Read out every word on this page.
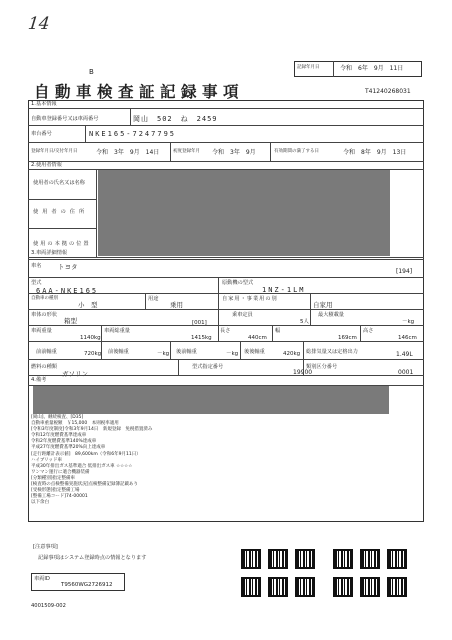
14
B
自動車検査証記録事項
記録年月日	令和　6年　9月　11日
T41240268031
1.基本情報
自動車登録番号又は車両番号	岡山　502　ね　2459
車台番号	NKE165-7247795
登録年月日/交付年月日	令和　3年　9月　14日	初度登録年月 令和　3年　9月	有効期間の満了する日	令和　8年　9月　13日
2.使用者情報
使用者の氏名又は名称
使用者の住所
使用の本拠の位置
3.車両詳細情報
車名	トヨタ
[194]
型式
6AA-NKE165
原動機の型式
1NZ-1LM
自動車の種別
小　型
用途
乗用
自家用・事業用の別
自家用
車体の形状
箱型	[001]
乗車定員
5人
最大積載量
－kg
車両重量
1140kg
車両総重量
1415kg
長さ
440cm
幅
169cm
高さ
146cm
前前軸重	720kg 前後軸重	－kg 後前軸重	－kg 後後軸重	420kg 総排気量又は定格出力	1.49L
燃料の種類
ガソリン
型式指定番号
19900
類別区分番号
0001
4.備考
[岡山]、継続検査、[D35]
自動車重量税額　￥15,000　本則税率適用
[令和3年度制度]令和3年9月14日　新規登録　免税措置済み
令和12年度燃費基準達成車
令和2年度燃費基準140%達成車
平成27年度燃費基準20%向上達成車
[走行距離計表示値]　89,600km（令和6年9月11日）
ハイブリッド車
平成30年排出ガス基準適合 低排出ガス車 ☆☆☆☆
ワンマン運行に適合機器装備
[分類種別]指定整備車
[検査時の点検整備実施状況]点検整備記録簿記載あり
[受検形態]指定整備工場
[整備工場コード]74-00001
以下余白
[注意事項]
記録事項はシステム登録時点の情報となります
車両ID
T9560WG2726912
4001509-002
